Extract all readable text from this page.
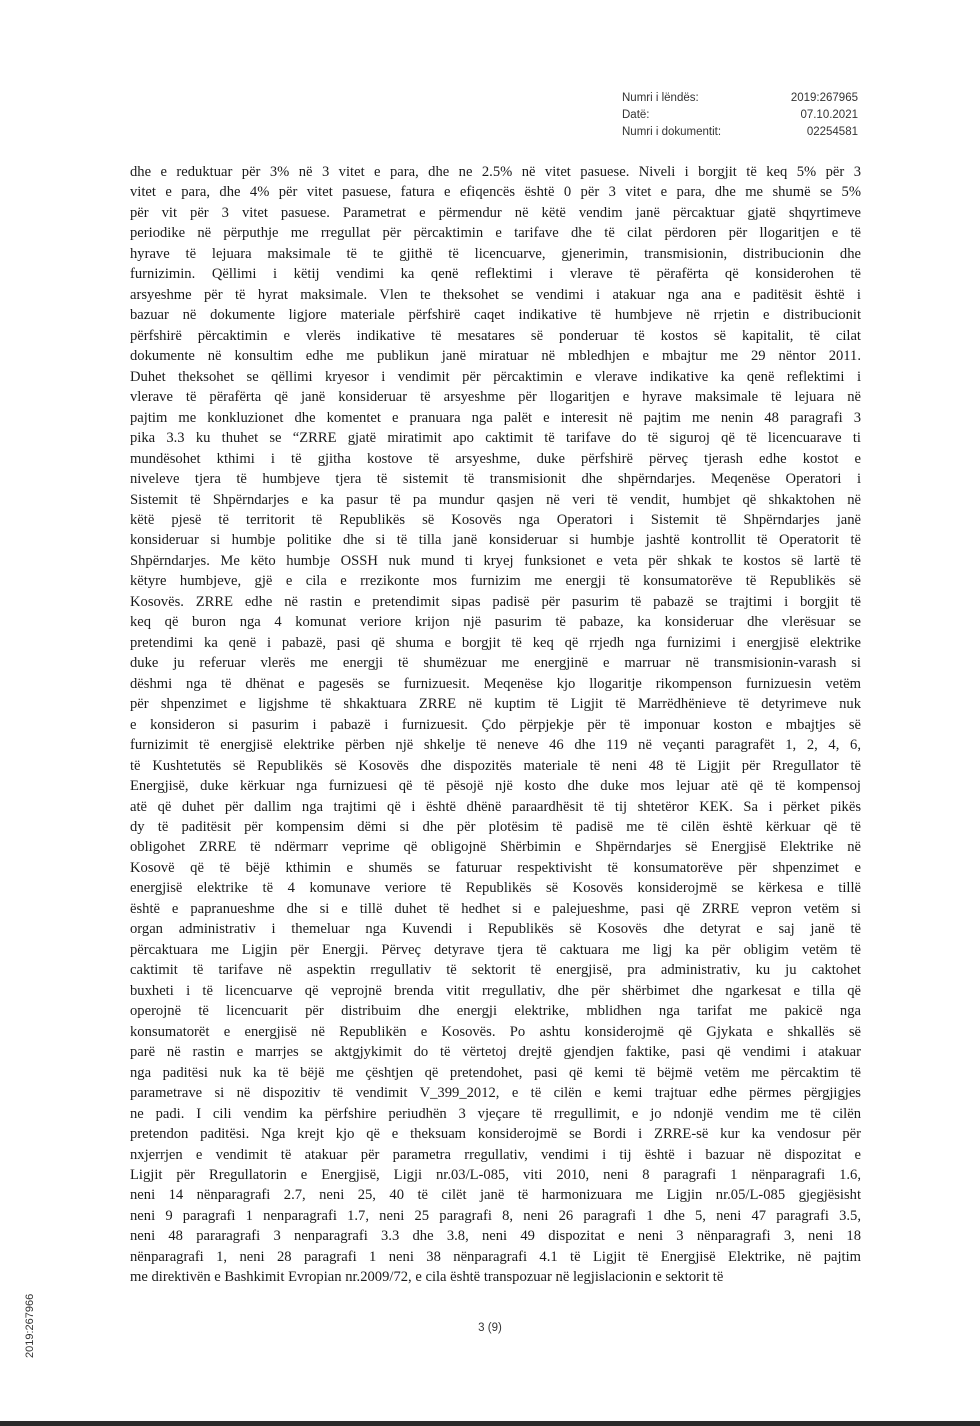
Numri i lëndës:	2019:267965
Datë:	07.10.2021
Numri i dokumentit:	02254581
dhe e reduktuar për 3% në 3 vitet e para, dhe ne 2.5% në vitet pasuese. Niveli i borgjit të keq 5% për 3
vitet e para, dhe 4% për vitet pasuese, fatura e efiqencës është 0 për 3 vitet e para, dhe me shumë se 5%
për vit për 3 vitet pasuese. Parametrat e përmendur në këtë vendim janë përcaktuar gjatë shqyrtimeve
periodike në përputhje me rregullat për përcaktimin e tarifave dhe të cilat përdoren për llogaritjen e të
hyrave të lejuara maksimale të te gjithë të licencuarve, gjenerimin, transmisionin, distribucionin dhe
furnizimin. Qëllimi i këtij vendimi ka qenë reflektimi i vlerave të përafërta që konsiderohen të
arsyeshme për të hyrat maksimale. Vlen te theksohet se vendimi i atakuar nga ana e paditësit është i
bazuar në dokumente ligjore materiale përfshirë caqet indikative të humbjeve në rrjetin e distribucionit
përfshirë përcaktimin e vlerës indikative të mesatares së ponderuar të kostos së kapitalit, të cilat
dokumente në konsultim edhe me publikun janë miratuar në mbledhjen e mbajtur me 29 nëntor 2011.
Duhet theksohet se qëllimi kryesor i vendimit për përcaktimin e vlerave indikative ka qenë reflektimi i
vlerave të përafërta që janë konsideruar të arsyeshme për llogaritjen e hyrave maksimale të lejuara në
pajtim me konkluzionet dhe komentet e pranuara nga palët e interesit në pajtim me nenin 48 paragrafi 3
pika 3.3 ku thuhet se “ZRRE gjatë miratimit apo caktimit të tarifave do të siguroj që të licencuarave ti
mundësohet kthimi i të gjitha kostove të arsyeshme, duke përfshirë përveç tjerash edhe kostot e
niveleve tjera të humbjeve tjera të sistemit të transmisionit dhe shpërndarjes. Meqenëse Operatori i
Sistemit të Shpërndarjes e ka pasur të pa mundur qasjen në veri të vendit, humbjet që shkaktohen në
këtë pjesë të territorit të Republikës së Kosovës nga Operatori i Sistemit të Shpërndarjes janë
konsideruar si humbje politike dhe si të tilla janë konsideruar si humbje jashtë kontrollit të Operatorit të
Shpërndarjes. Me këto humbje OSSH nuk mund ti kryej funksionet e veta për shkak te kostos së lartë të
këtyre humbjeve, gjë e cila e rrezikonte mos furnizim me energji të konsumatorëve të Republikës së
Kosovës. ZRRE edhe në rastin e pretendimit sipas padisë për pasurim të pabazë se trajtimi i borgjit të
keq që buron nga 4 komunat veriore krijon një pasurim të pabaze, ka konsideruar dhe vlerësuar se
pretendimi ka qenë i pabazë, pasi që shuma e borgjit të keq që rrjedh nga furnizimi i energjisë elektrike
duke ju referuar vlerës me energji të shumëzuar me energjinë e marruar në transmisionin-varash si
dëshmi nga të dhënat e pagesës se furnizuesit. Meqenëse kjo llogaritje rikompenson furnizuesin vetëm
për shpenzimet e ligjshme të shkaktuara ZRRE në kuptim të Ligjit të Marrëdhënieve të detyrimeve nuk
e konsideron si pasurim i pabazë i furnizuesit. Çdo përpjekje për të imponuar koston e mbajtjes së
furnizimit të energjisë elektrike përben një shkelje të neneve 46 dhe 119 në veçanti paragrafët 1, 2, 4, 6,
të Kushtetutës së Republikës së Kosovës dhe dispozitës materiale të neni 48 të Ligjit për Rregullator të
Energjisë, duke kërkuar nga furnizuesi që të pësojë një kosto dhe duke mos lejuar atë që të kompensoj
atë që duhet për dallim nga trajtimi që i është dhënë paraardhësit të tij shtetëror KEK. Sa i përket pikës
dy të paditësit për kompensim dëmi si dhe për plotësim të padisë me të cilën është kërkuar që të
obligohet ZRRE të ndërmarr veprime që obligojnë Shërbimin e Shpërndarjes së Energjisë Elektrike në
Kosovë që të bëjë kthimin e shumës se faturuar respektivisht të konsumatorëve për shpenzimet e
energjisë elektrike të 4 komunave veriore të Republikës së Kosovës konsiderojmë se kërkesa e tillë
është e papranueshme dhe si e tillë duhet të hedhet si e palejueshme, pasi që ZRRE vepron vetëm si
organ administrativ i themeluar nga Kuvendi i Republikës së Kosovës dhe detyrat e saj janë të
përcaktuara me Ligjin për Energji. Përveç detyrave tjera të caktuara me ligj ka për obligim vetëm të
caktimit të tarifave në aspektin rregullativ të sektorit të energjisë, pra administrativ, ku ju caktohet
buxheti i të licencuarve që veprojnë brenda vitit rregullativ, dhe për shërbimet dhe ngarkesat e tilla që
operojnë të licencuarit për distribuim dhe energji elektrike, mblidhen nga tarifat me pakicë nga
konsumatorët e energjisë në Republikën e Kosovës. Po ashtu konsiderojmë që Gjykata e shkallës së
parë në rastin e marrjes se aktgjykimit do të vërtetoj drejtë gjendjen faktike, pasi që vendimi i atakuar
nga paditësi nuk ka të bëjë me çështjen që pretendohet, pasi që kemi të bëjmë vetëm me përcaktim të
parametrave si në dispozitiv të vendimit V_399_2012, e të cilën e kemi trajtuar edhe përmes përgjigjes
ne padi. I cili vendim ka përfshire periudhën 3 vjeçare të rregullimit, e jo ndonjë vendim me të cilën
pretendon paditësi. Nga krejt kjo që e theksuam konsiderojmë se Bordi i ZRRE-së kur ka vendosur për
nxjerrjen e vendimit të atakuar për parametra rregullativ, vendimi i tij është i bazuar në dispozitat e
Ligjit për Rregullatorin e Energjisë, Ligji nr.03/L-085, viti 2010, neni 8 paragrafi 1 nënparagrafi 1.6,
neni 14 nënparagrafi 2.7, neni 25, 40 të cilët janë të harmonizuara me Ligjin nr.05/L-085 gjegjësisht
neni 9 paragrafi 1 nenparagrafi 1.7, neni 25 paragrafi 8, neni 26 paragrafi 1 dhe 5, neni 47 paragrafi 3.5,
neni 48 pararagrafi 3 nenparagrafi 3.3 dhe 3.8, neni 49 dispozitat e neni 3 nënparagrafi 3, neni 18
nënparagrafi 1, neni 28 paragrafi 1 neni 38 nënparagrafi 4.1 të Ligjit të Energjisë Elektrike, në pajtim
me direktivën e Bashkimit Evropian nr.2009/72, e cila është transpozuar në legjislacionin e sektorit të
3 (9)
2019:267966
